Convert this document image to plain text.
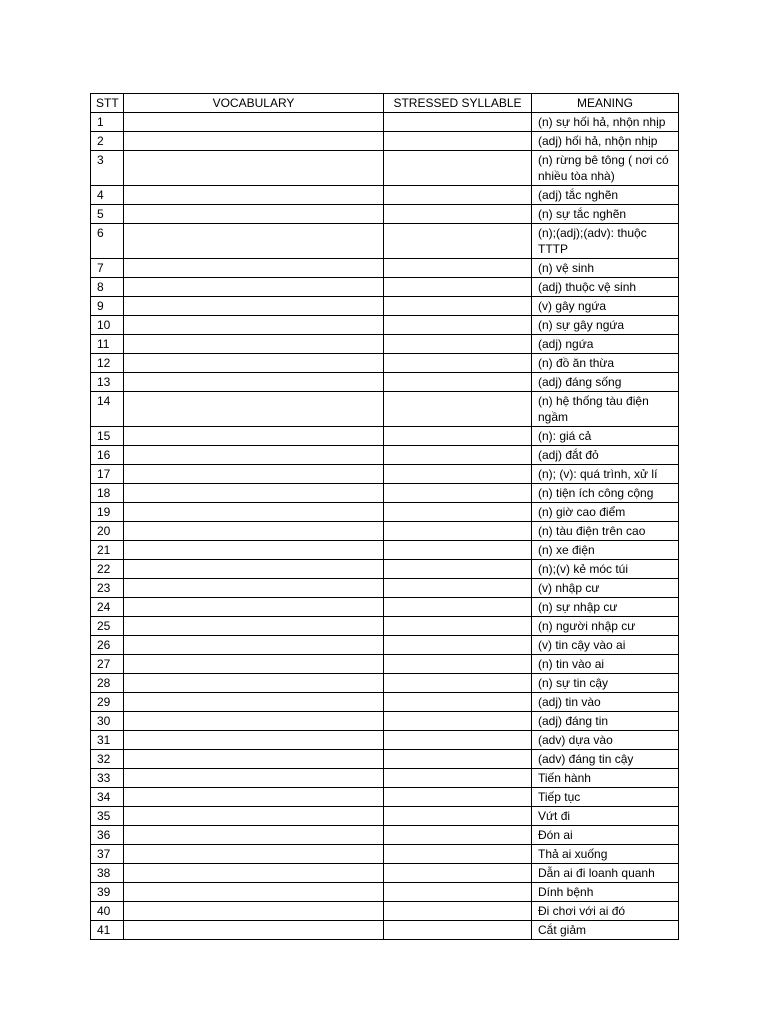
STT	VOCABULARY	STRESSED SYLLABLE	MEANING
1			(n) sự hối hả, nhộn nhịp
2			(adj) hối hả, nhộn nhịp
3			(n) rừng bê tông ( nơi có nhiều tòa nhà)
4			(adj) tắc nghẽn
5			(n) sự tắc nghẽn
6			(n);(adj);(adv): thuộc TTTP
7			(n) vệ sinh
8			(adj) thuộc vệ sinh
9			(v) gây ngứa
10			(n) sự gây ngứa
11			(adj) ngứa
12			(n) đồ ăn thừa
13			(adj) đáng sống
14			(n) hệ thống tàu điện ngầm
15			(n): giá cả
16			(adj) đắt đỏ
17			(n); (v): quá trình, xử lí
18			(n) tiện ích công cộng
19			(n) giờ cao điểm
20			(n) tàu điện trên cao
21			(n) xe điện
22			(n);(v) kẻ móc túi
23			(v) nhập cư
24			(n) sự nhập cư
25			(n) người nhập cư
26			(v) tin cậy vào ai
27			(n) tin vào ai
28			(n) sự tin cậy
29			(adj) tin vào
30			(adj) đáng tin
31			(adv) dựa vào
32			(adv) đáng tin cậy
33			Tiến hành
34			Tiếp tục
35			Vứt đi
36			Đón ai
37			Thả ai xuống
38			Dẫn ai đi loanh quanh
39			Dính bệnh
40			Đi chơi với ai đó
41			Cắt giảm
